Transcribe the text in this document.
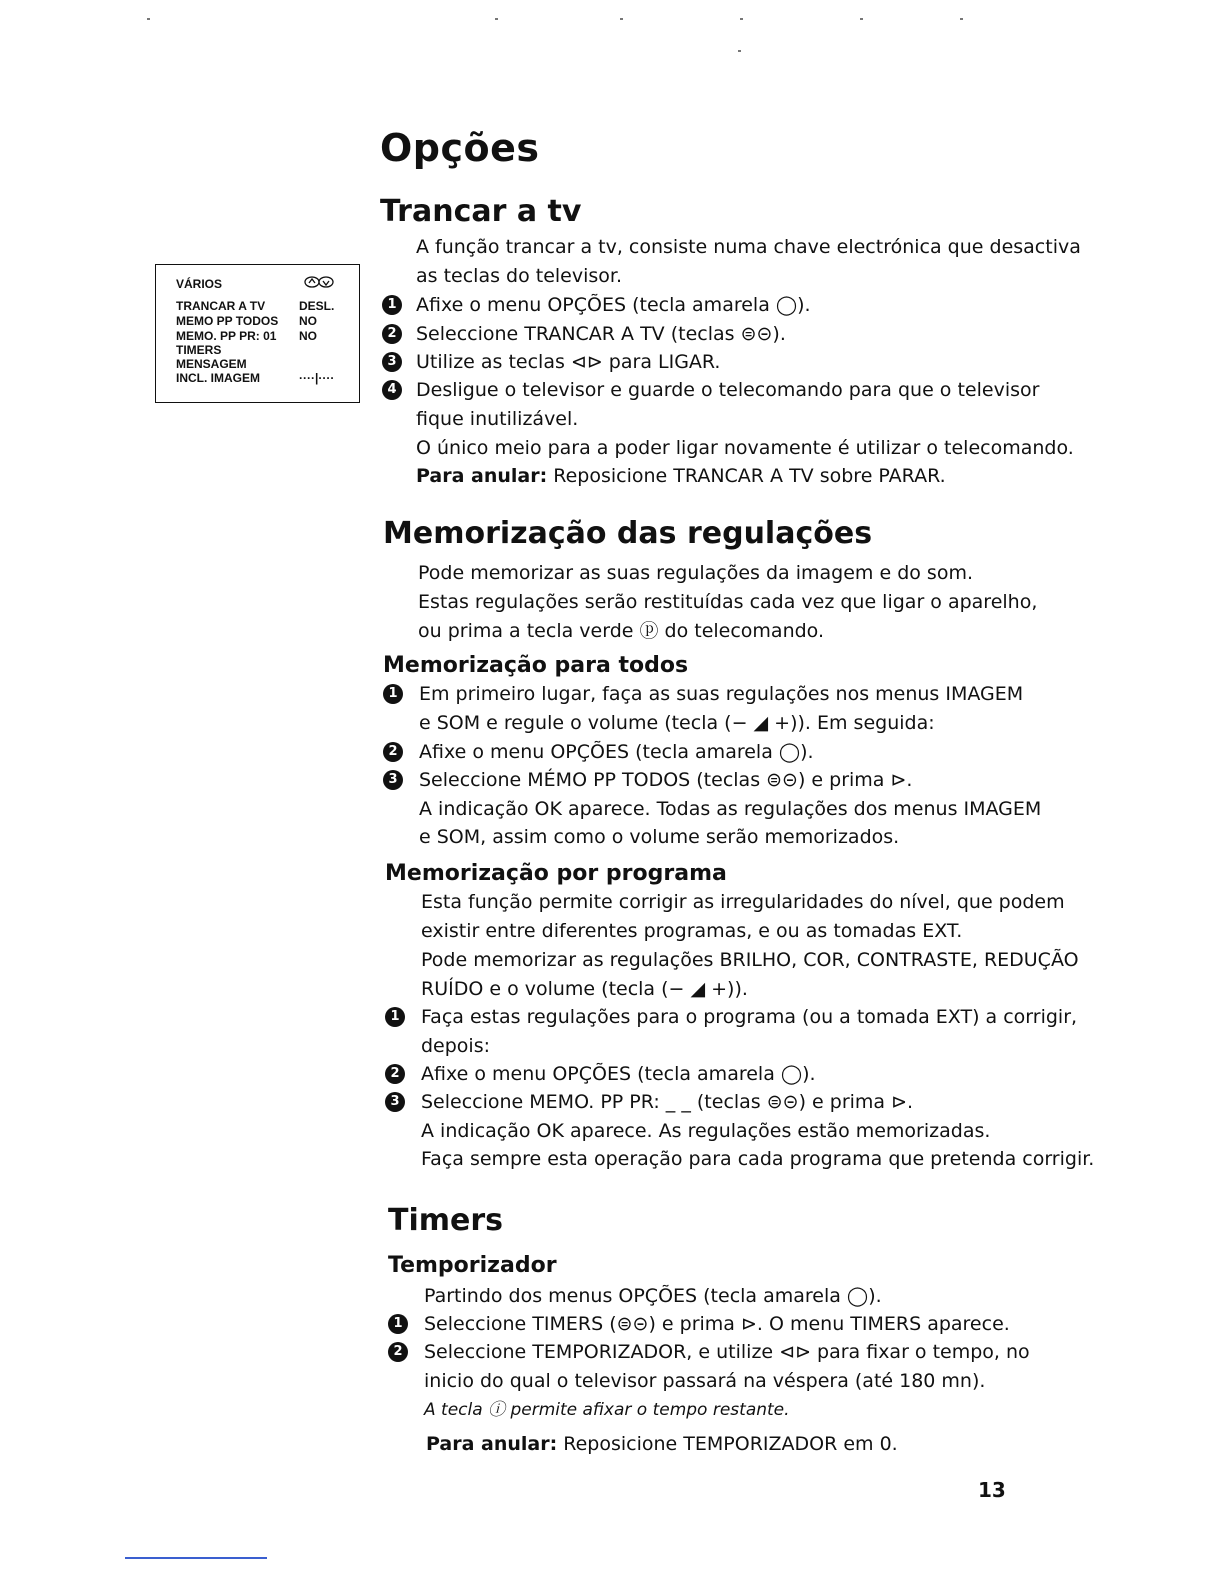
Opções
VÁRIOS
TRANCAR A TV	DESL.
MEMO PP TODOS NO
MEMO. PP PR: 01 NO
TIMERS
MENSAGEM
INCL. IMAGEM	····|····
Trancar a tv

A função trancar a tv, consiste numa chave electrónica que desactiva

as teclas do televisor.

1 Afixe o menu OPÇÕES (tecla amarela ◯).
2 Seleccione TRANCAR A TV (teclas ⊜⊝).
3 Utilize as teclas ⊲⊳ para LIGAR.
4 Desligue o televisor e guarde o telecomando para que o televisor

fique inutilizável.

O único meio para a poder ligar novamente é utilizar o telecomando.

Para anular: Reposicione TRANCAR A TV sobre PARAR.

Memorização das regulações

Pode memorizar as suas regulações da imagem e do som.

Estas regulações serão restituídas cada vez que ligar o aparelho,

ou prima a tecla verde ⓟ do telecomando.

Memorização para todos
1 Em primeiro lugar, faça as suas regulações nos menus IMAGEM

e SOM e regule o volume (tecla (− ◢ +)). Em seguida:

2 Afixe o menu OPÇÕES (tecla amarela ◯).
3 Seleccione MÉMO PP TODOS (teclas ⊜⊝) e prima ⊳.

A indicação OK aparece. Todas as regulações dos menus IMAGEM

e SOM, assim como o volume serão memorizados.

Memorização por programa

Esta função permite corrigir as irregularidades do nível, que podem

existir entre diferentes programas, e ou as tomadas EXT.

Pode memorizar as regulações BRILHO, COR, CONTRASTE, REDUÇÃO

RUÍDO e o volume (tecla (− ◢ +)).

1 Faça estas regulações para o programa (ou a tomada EXT) a corrigir,

depois:

2 Afixe o menu OPÇÕES (tecla amarela ◯).
3 Seleccione MEMO. PP PR: _ _ (teclas ⊜⊝) e prima ⊳.

A indicação OK aparece. As regulações estão memorizadas.

Faça sempre esta operação para cada programa que pretenda corrigir.

Timers
Temporizador

Partindo dos menus OPÇÕES (tecla amarela ◯).

1 Seleccione TIMERS (⊜⊝) e prima ⊳. O menu TIMERS aparece.
2 Seleccione TEMPORIZADOR, e utilize ⊲⊳ para fixar o tempo, no

inicio do qual o televisor passará na véspera (até 180 mn).

A tecla ⓘ permite afixar o tempo restante.

Para anular: Reposicione TEMPORIZADOR em 0.

13
